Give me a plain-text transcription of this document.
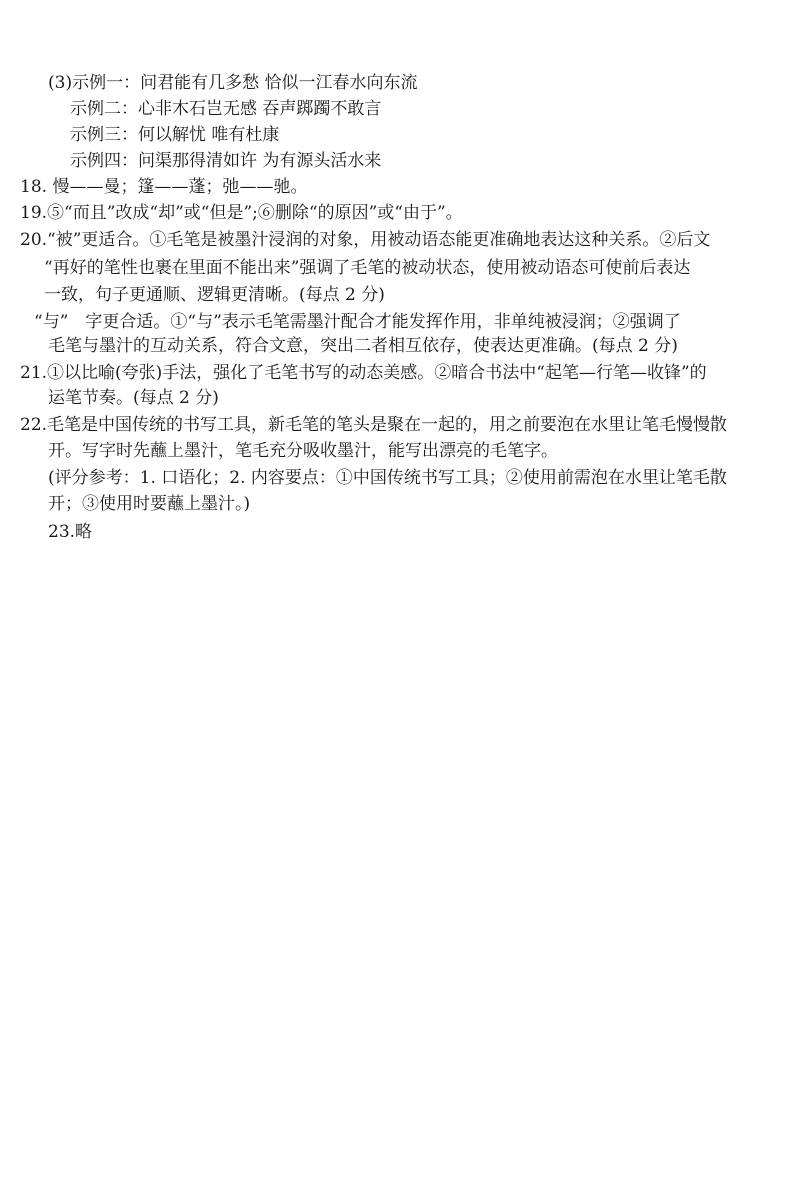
(3)示例一：问君能有几多愁 恰似一江春水向东流
示例二：心非木石岂无感 吞声踯躅不敢言
示例三：何以解忧 唯有杜康
示例四：问渠那得清如许 为有源头活水来
18. 慢——曼；篷——蓬；弛——驰。
19.⑤“而且”改成“却”或“但是”;⑥删除“的原因”或“由于”。
20.“被”更适合。①毛笔是被墨汁浸润的对象，用被动语态能更准确地表达这种关系。②后文
“再好的笔性也裹在里面不能出来”强调了毛笔的被动状态，使用被动语态可使前后表达
一致，句子更通顺、逻辑更清晰。(每点 2 分)
“与”　字更合适。①“与”表示毛笔需墨汁配合才能发挥作用，非单纯被浸润；②强调了
毛笔与墨汁的互动关系，符合文意，突出二者相互依存，使表达更准确。(每点 2 分)
21.①以比喻(夸张)手法，强化了毛笔书写的动态美感。②暗合书法中“起笔—行笔—收锋”的
运笔节奏。(每点 2 分)
22.毛笔是中国传统的书写工具，新毛笔的笔头是聚在一起的，用之前要泡在水里让笔毛慢慢散
开。写字时先蘸上墨汁，笔毛充分吸收墨汁，能写出漂亮的毛笔字。
(评分参考：1. 口语化；2. 内容要点：①中国传统书写工具；②使用前需泡在水里让笔毛散
开；③使用时要蘸上墨汁。)
23.略
